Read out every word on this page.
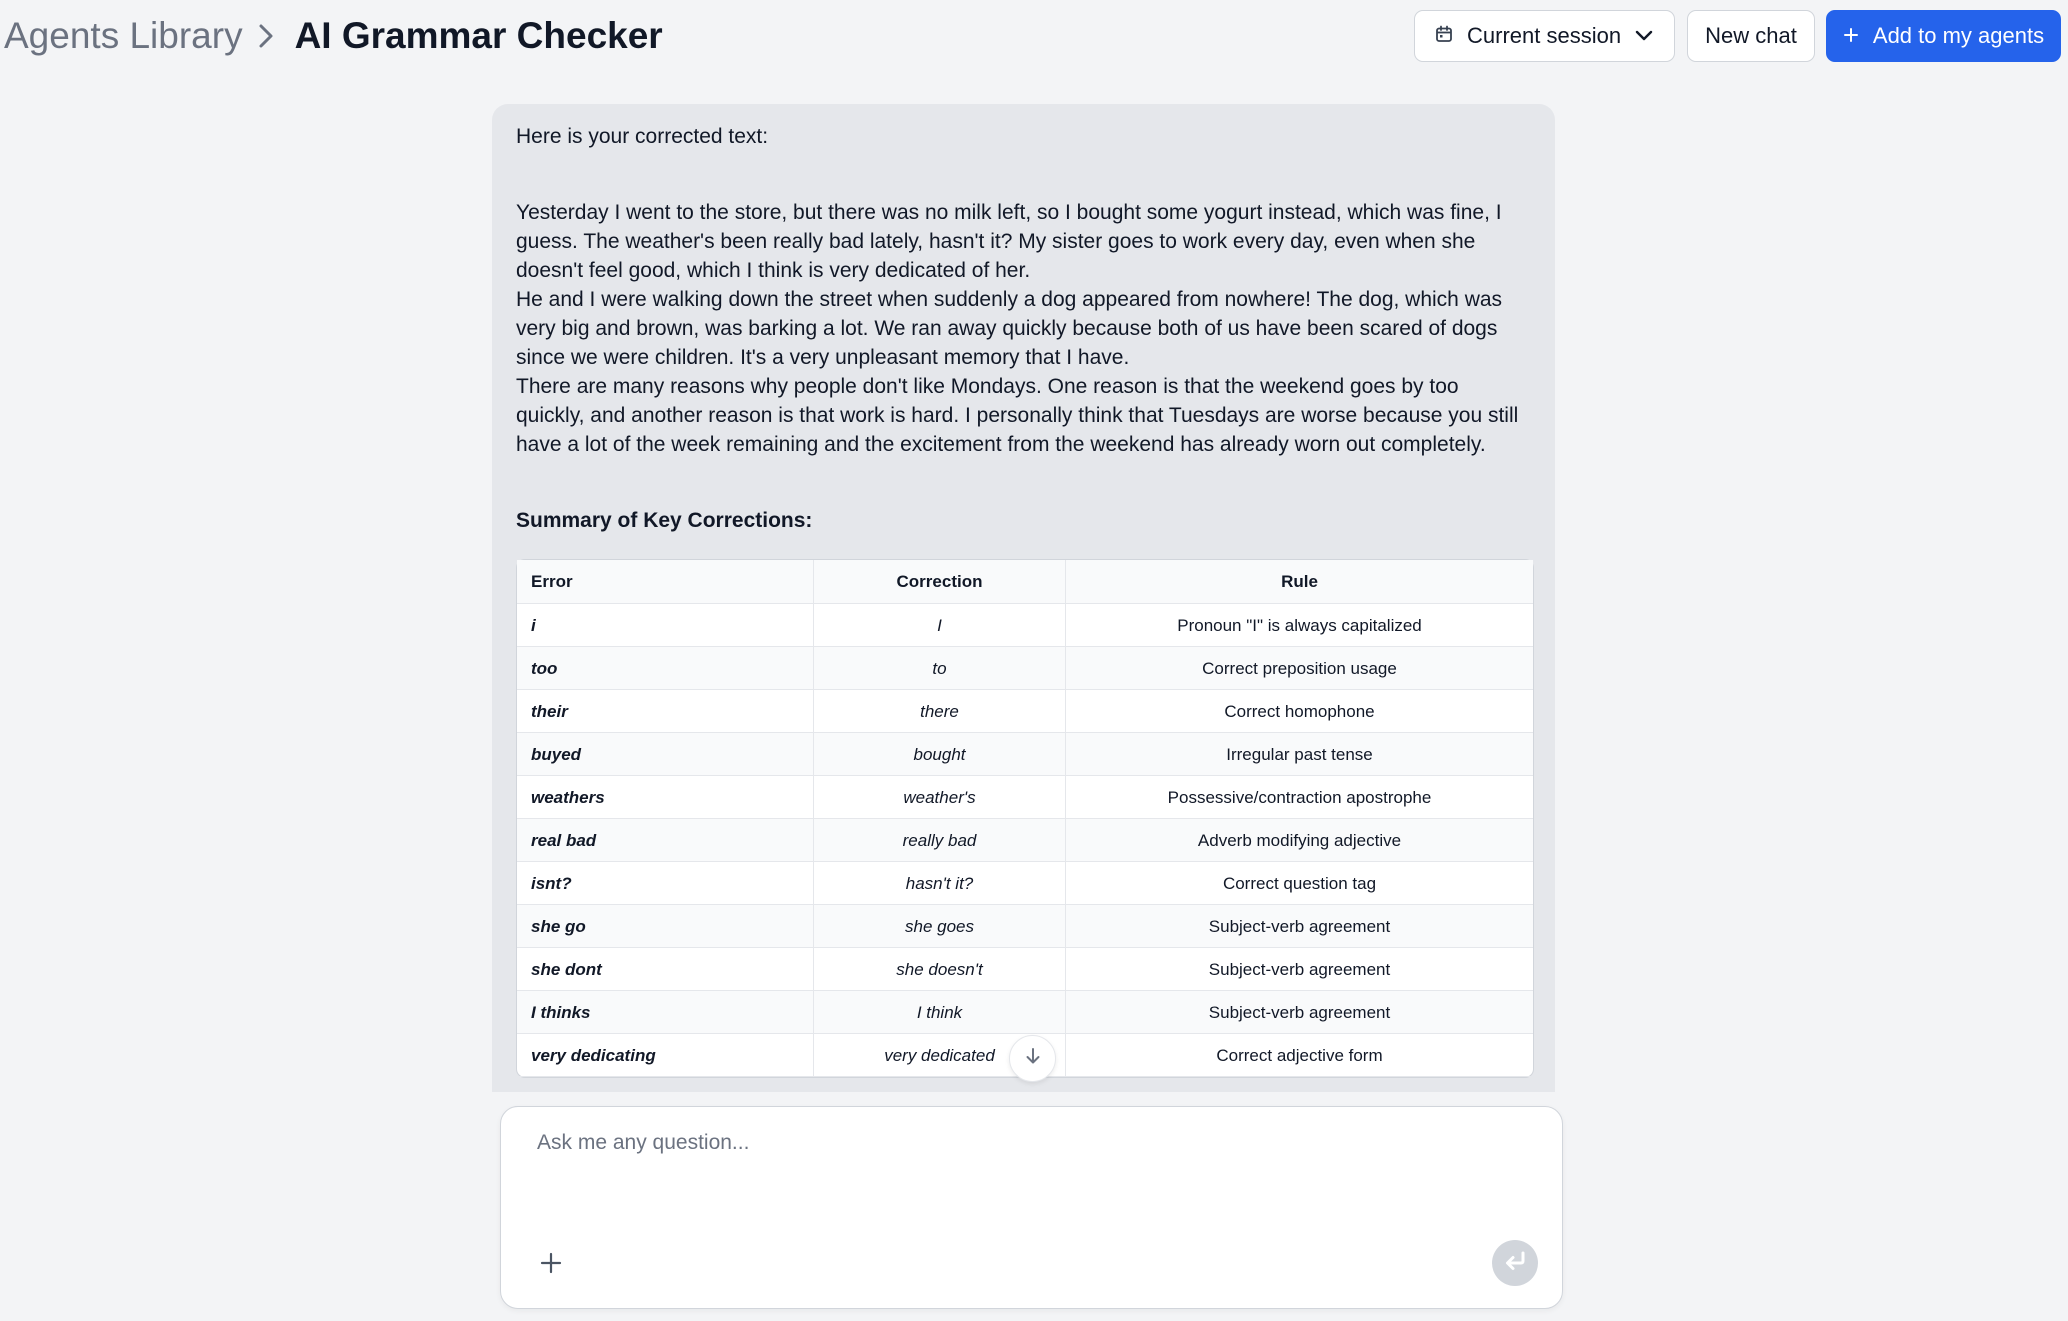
Agents Library AI Grammar Checker	Current session	New chat	Add to my agents

Here is your corrected text:

Yesterday I went to the store, but there was no milk left, so I bought some yogurt instead, which was fine, I guess. The weather's been really bad lately, hasn't it? My sister goes to work every day, even when she doesn't feel good, which I think is very dedicated of her.

He and I were walking down the street when suddenly a dog appeared from nowhere! The dog, which was very big and brown, was barking a lot. We ran away quickly because both of us have been scared of dogs since we were children. It's a very unpleasant memory that I have.

There are many reasons why people don't like Mondays. One reason is that the weekend goes by too quickly, and another reason is that work is hard. I personally think that Tuesdays are worse because you still have a lot of the week remaining and the excitement from the weekend has already worn out completely.

Summary of Key Corrections:

Error	Correction	Rule
i	I	Pronoun "I" is always capitalized
too	to	Correct preposition usage
their	there	Correct homophone
buyed	bought	Irregular past tense
weathers	weather's	Possessive/contraction apostrophe
real bad	really bad	Adverb modifying adjective
isnt?	hasn't it?	Correct question tag
she go	she goes	Subject-verb agreement
she dont	she doesn't	Subject-verb agreement
I thinks	I think	Subject-verb agreement
very dedicating	very dedicated	Correct adjective form
Ask me any question...
